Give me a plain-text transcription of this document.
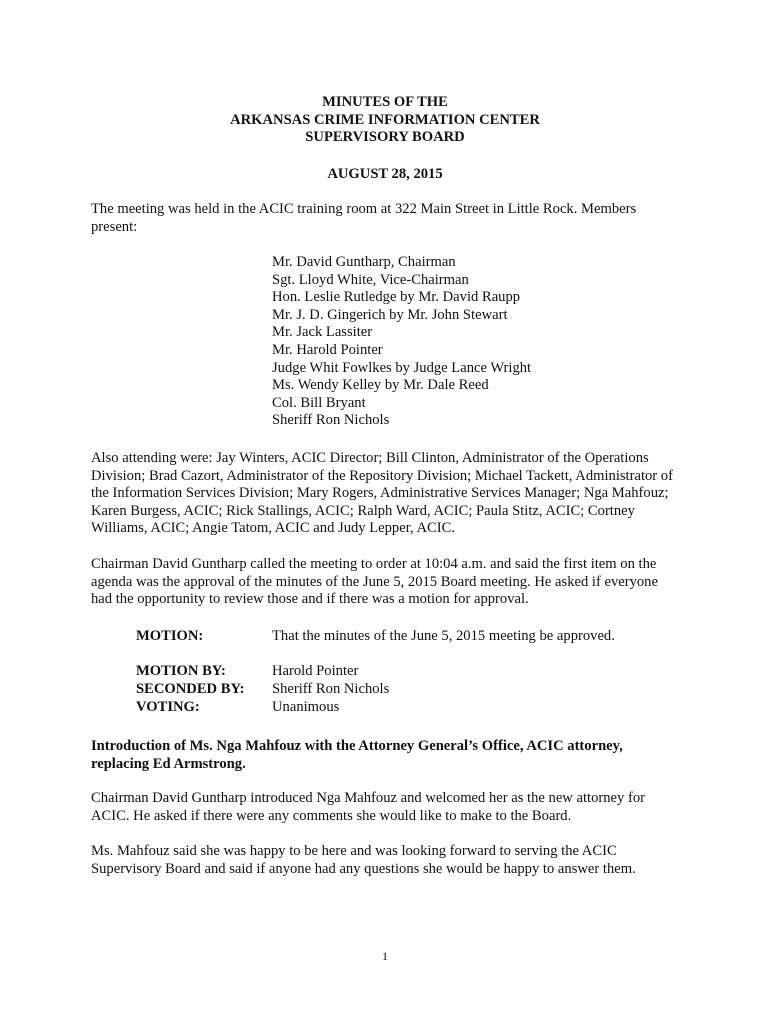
MINUTES OF THE
ARKANSAS CRIME INFORMATION CENTER
SUPERVISORY BOARD
AUGUST 28, 2015

The meeting was held in the ACIC training room at 322 Main Street in Little Rock. Members present:

Mr. David Guntharp, Chairman
Sgt. Lloyd White, Vice-Chairman
Hon. Leslie Rutledge by Mr. David Raupp
Mr. J. D. Gingerich by Mr. John Stewart
Mr. Jack Lassiter
Mr. Harold Pointer
Judge Whit Fowlkes by Judge Lance Wright
Ms. Wendy Kelley by Mr. Dale Reed
Col. Bill Bryant
Sheriff Ron Nichols

Also attending were: Jay Winters, ACIC Director; Bill Clinton, Administrator of the Operations Division; Brad Cazort, Administrator of the Repository Division; Michael Tackett, Administrator of the Information Services Division; Mary Rogers, Administrative Services Manager; Nga Mahfouz; Karen Burgess, ACIC; Rick Stallings, ACIC; Ralph Ward, ACIC; Paula Stitz, ACIC; Cortney Williams, ACIC; Angie Tatom, ACIC and Judy Lepper, ACIC.

Chairman David Guntharp called the meeting to order at 10:04 a.m. and said the first item on the agenda was the approval of the minutes of the June 5, 2015 Board meeting. He asked if everyone had the opportunity to review those and if there was a motion for approval.

MOTION:	That the minutes of the June 5, 2015 meeting be approved.
MOTION BY:	Harold Pointer
SECONDED BY: Sheriff Ron Nichols
VOTING:	Unanimous

Introduction of Ms. Nga Mahfouz with the Attorney General’s Office, ACIC attorney, replacing Ed Armstrong.

Chairman David Guntharp introduced Nga Mahfouz and welcomed her as the new attorney for ACIC. He asked if there were any comments she would like to make to the Board.

Ms. Mahfouz said she was happy to be here and was looking forward to serving the ACIC Supervisory Board and said if anyone had any questions she would be happy to answer them.

1
